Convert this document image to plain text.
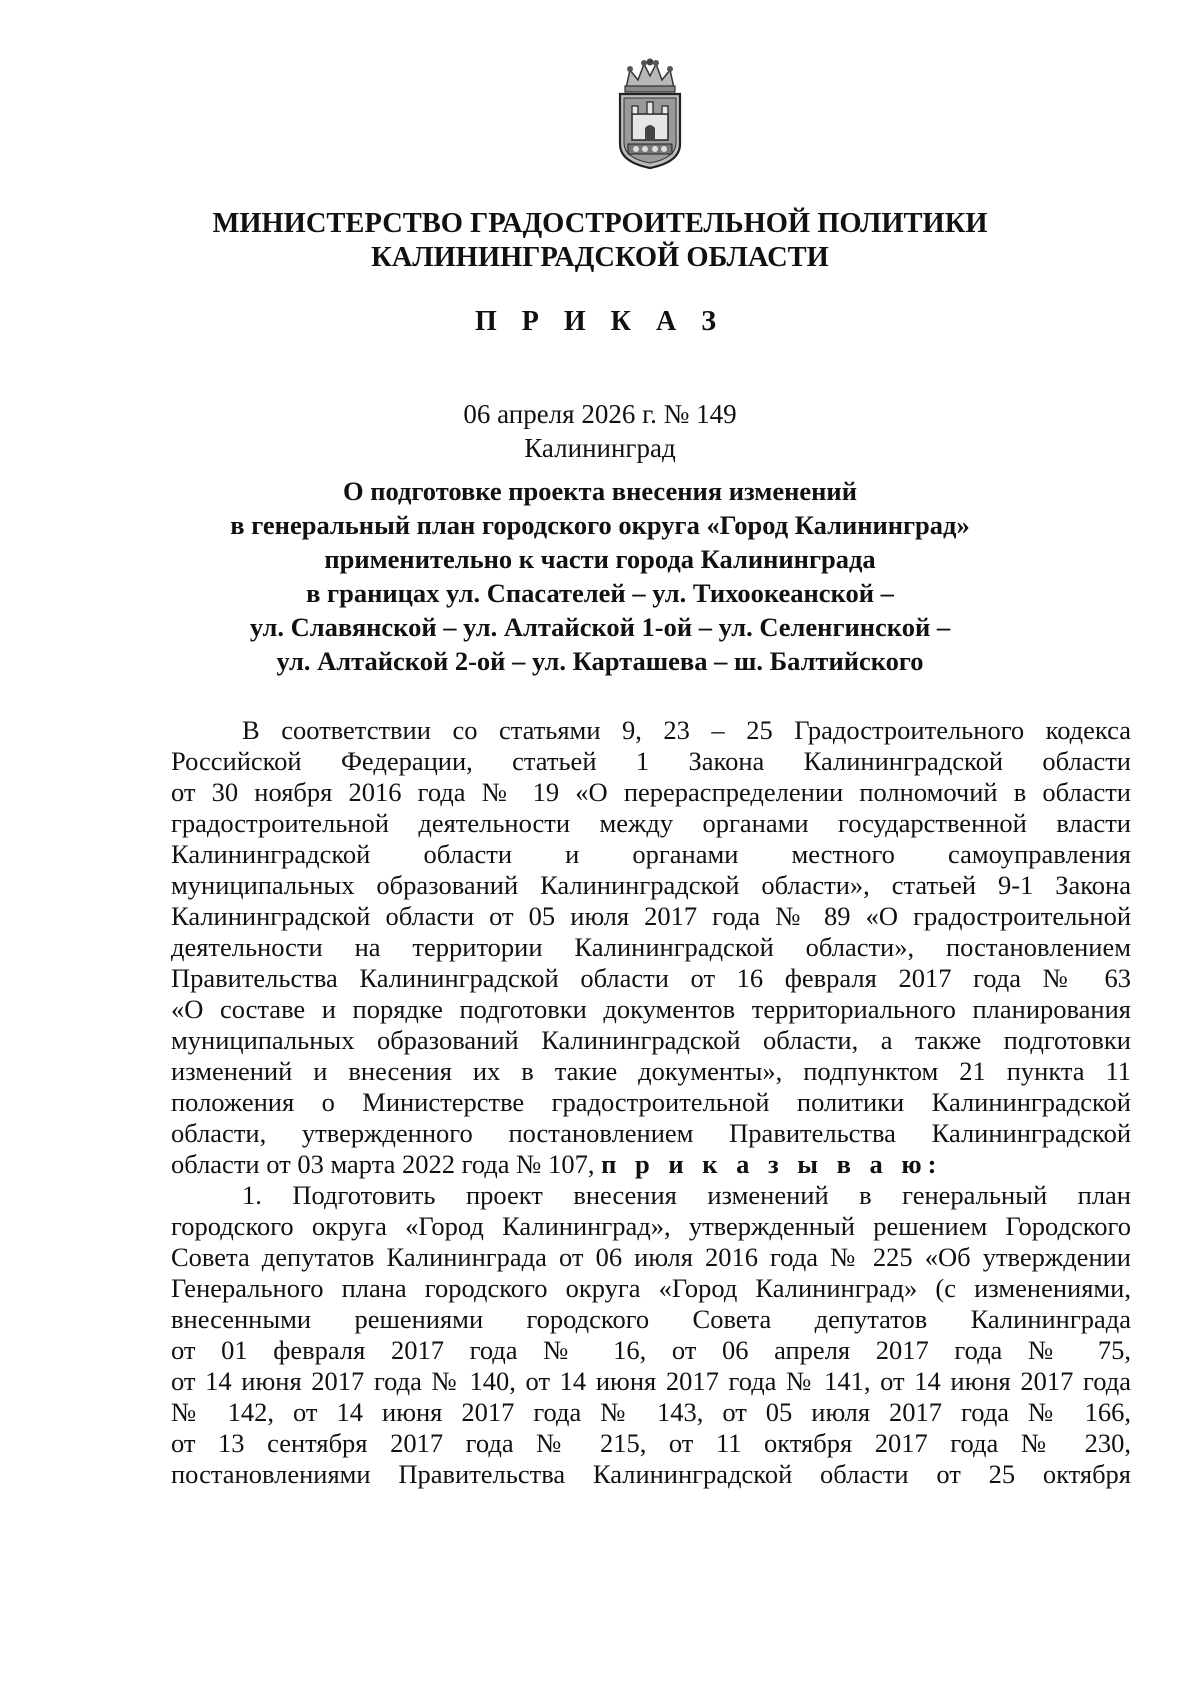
МИНИСТЕРСТВО ГРАДОСТРОИТЕЛЬНОЙ ПОЛИТИКИ
КАЛИНИНГРАДСКОЙ ОБЛАСТИ
П Р И К А З
06 апреля 2026 г. № 149
Калининград
О подготовке проекта внесения изменений
в генеральный план городского округа «Город Калининград»
применительно к части города Калининграда
в границах ул. Спасателей – ул. Тихоокеанской –
ул. Славянской – ул. Алтайской 1-ой – ул. Селенгинской –
ул. Алтайской 2-ой – ул. Карташева – ш. Балтийского
В соответствии со статьями 9, 23 – 25 Градостроительного кодекса
Российской Федерации, статьей 1 Закона Калининградской области
от 30 ноября 2016 года № 19 «О перераспределении полномочий в области
градостроительной деятельности между органами государственной власти
Калининградской области и органами местного самоуправления
муниципальных образований Калининградской области», статьей 9-1 Закона
Калининградской области от 05 июля 2017 года № 89 «О градостроительной
деятельности на территории Калининградской области», постановлением
Правительства Калининградской области от 16 февраля 2017 года № 63
«О составе и порядке подготовки документов территориального планирования
муниципальных образований Калининградской области, а также подготовки
изменений и внесения их в такие документы», подпунктом 21 пункта 11
положения о Министерстве градостроительной политики Калининградской
области, утвержденного постановлением Правительства Калининградской
области от 03 марта 2022 года № 107, п р и к а з ы в а ю:
1. Подготовить проект внесения изменений в генеральный план
городского округа «Город Калининград», утвержденный решением Городского
Совета депутатов Калининграда от 06 июля 2016 года № 225 «Об утверждении
Генерального плана городского округа «Город Калининград» (с изменениями,
внесенными решениями городского Совета депутатов Калининграда
от 01 февраля 2017 года № 16, от 06 апреля 2017 года № 75,
от 14 июня 2017 года № 140, от 14 июня 2017 года № 141, от 14 июня 2017 года
№ 142, от 14 июня 2017 года № 143, от 05 июля 2017 года № 166,
от 13 сентября 2017 года № 215, от 11 октября 2017 года № 230,
постановлениями Правительства Калининградской области от 25 октября
